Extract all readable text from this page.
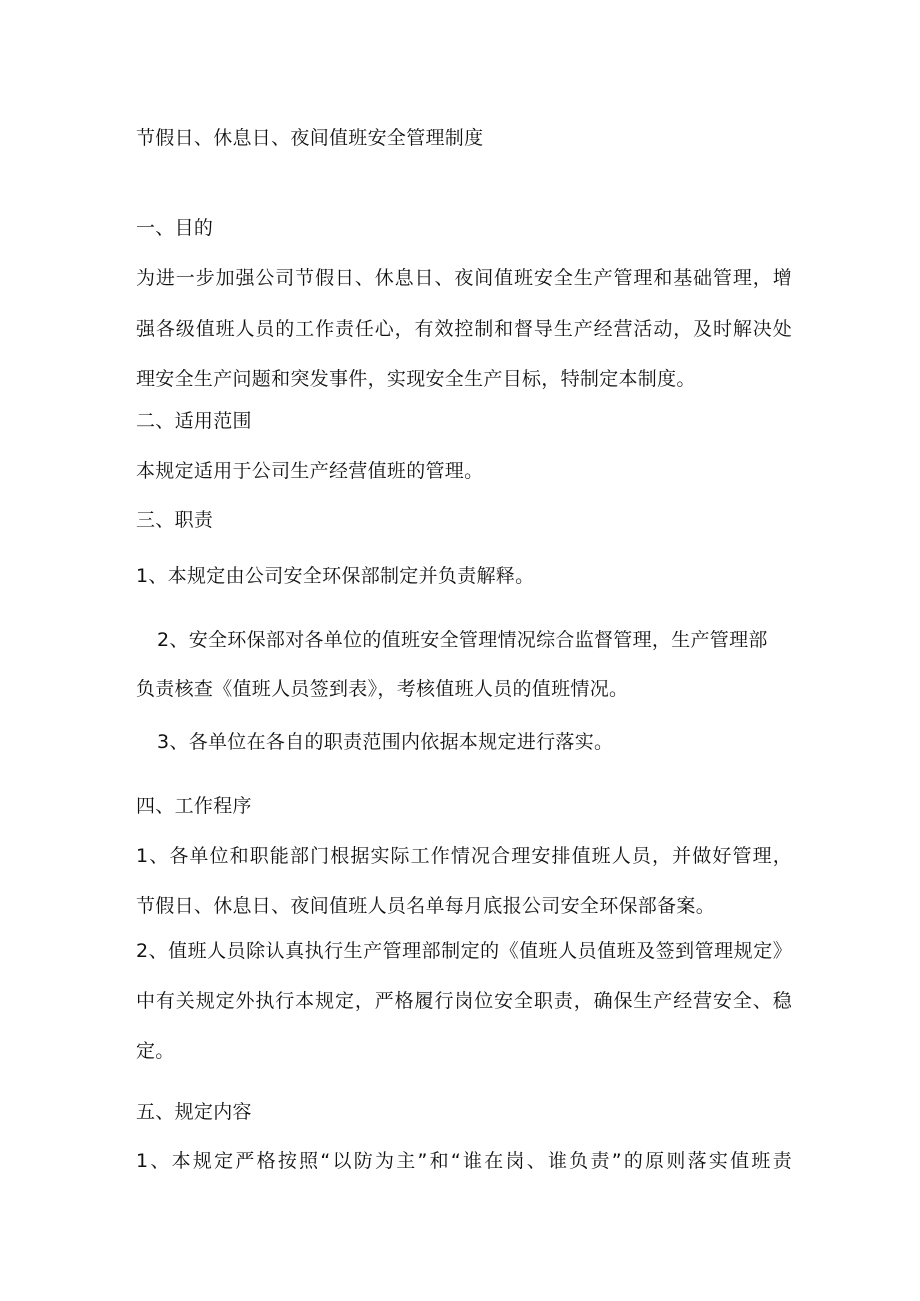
节假日、休息日、夜间值班安全管理制度
一、目的
为进一步加强公司节假日、休息日、夜间值班安全生产管理和基础管理，增
强各级值班人员的工作责任心，有效控制和督导生产经营活动，及时解决处
理安全生产问题和突发事件，实现安全生产目标，特制定本制度。
二、适用范围
本规定适用于公司生产经营值班的管理。
三、职责
1、本规定由公司安全环保部制定并负责解释。
2、安全环保部对各单位的值班安全管理情况综合监督管理，生产管理部
负责核查《值班人员签到表》，考核值班人员的值班情况。
3、各单位在各自的职责范围内依据本规定进行落实。
四、工作程序
1、各单位和职能部门根据实际工作情况合理安排值班人员，并做好管理，
节假日、休息日、夜间值班人员名单每月底报公司安全环保部备案。
2、值班人员除认真执行生产管理部制定的《值班人员值班及签到管理规定》
中有关规定外执行本规定，严格履行岗位安全职责，确保生产经营安全、稳
定。
五、规定内容
1、本规定严格按照“以防为主”和“谁在岗、谁负责”的原则落实值班责
